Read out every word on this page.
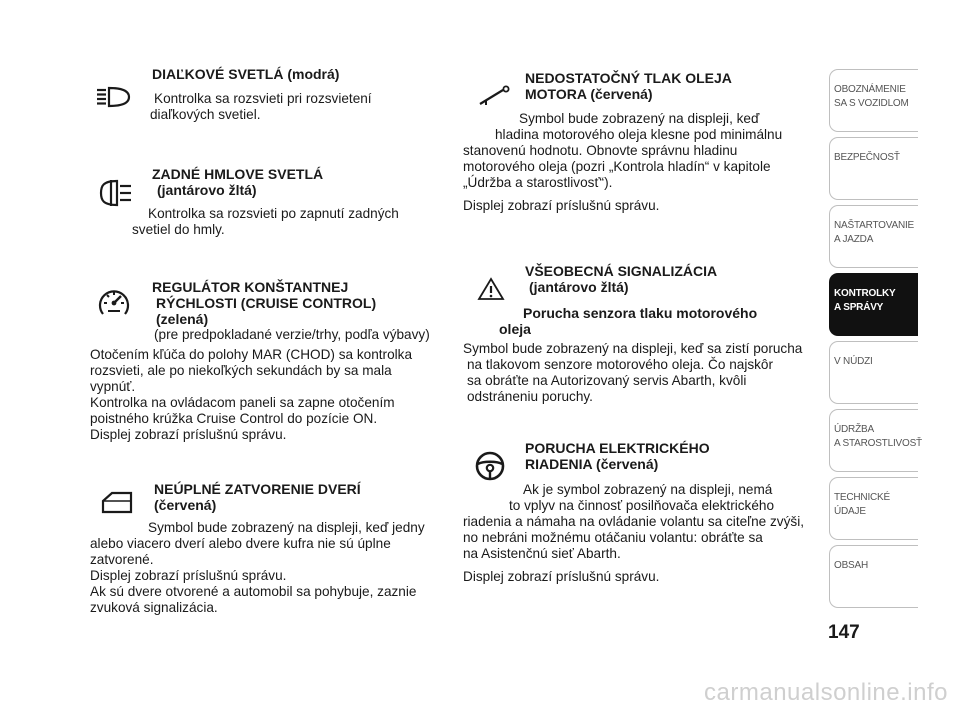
DIAĽKOVÉ SVETLÁ (modrá)
Kontrolka sa rozsvieti pri rozsvietení
diaľkových svetiel.
ZADNÉ HMLOVE SVETLÁ
(jantárovo žltá)
Kontrolka sa rozsvieti po zapnutí zadných
svetiel do hmly.
REGULÁTOR KONŠTANTNEJ
RÝCHLOSTI (CRUISE CONTROL)
(zelená)
(pre predpokladané verzie/trhy, podľa výbavy)
Otočením kľúča do polohy MAR (CHOD) sa kontrolka
rozsvieti, ale po niekoľkých sekundách by sa mala
vypnúť.
Kontrolka na ovládacom paneli sa zapne otočením
poistného krúžka Cruise Control do pozície ON.
Displej zobrazí príslušnú správu.
NEÚPLNÉ ZATVORENIE DVERÍ
(červená)
Symbol bude zobrazený na displeji, keď jedny
alebo viacero dverí alebo dvere kufra nie sú úplne
zatvorené.
Displej zobrazí príslušnú správu.
Ak sú dvere otvorené a automobil sa pohybuje, zaznie
zvuková signalizácia.
NEDOSTATOČNÝ TLAK OLEJA
MOTORA (červená)
Symbol bude zobrazený na displeji, keď
hladina motorového oleja klesne pod minimálnu
stanovenú hodnotu. Obnovte správnu hladinu
motorového oleja (pozri „Kontrola hladín“ v kapitole
„Údržba a starostlivosť“).
Displej zobrazí príslušnú správu.
VŠEOBECNÁ SIGNALIZÁCIA
(jantárovo žltá)
Porucha senzora tlaku motorového
oleja
Symbol bude zobrazený na displeji, keď sa zistí porucha
na tlakovom senzore motorového oleja. Čo najskôr
sa obráťte na Autorizovaný servis Abarth, kvôli
odstráneniu poruchy.
PORUCHA ELEKTRICKÉHO
RIADENIA (červená)
Ak je symbol zobrazený na displeji, nemá
to vplyv na činnosť posilňovača elektrického
riadenia a námaha na ovládanie volantu sa citeľne zvýši,
no nebráni možnému otáčaniu volantu: obráťte sa
na Asistenčnú sieť Abarth.
Displej zobrazí príslušnú správu.
OBOZNÁMENIE
SA S VOZIDLOM
BEZPEČNOSŤ
NAŠTARTOVANIE
A JAZDA
KONTROLKY
A SPRÁVY
V NÚDZI
ÚDRŽBA
A STAROSTLIVOSŤ
TECHNICKÉ
ÚDAJE
OBSAH
147
carmanualsonline.info
